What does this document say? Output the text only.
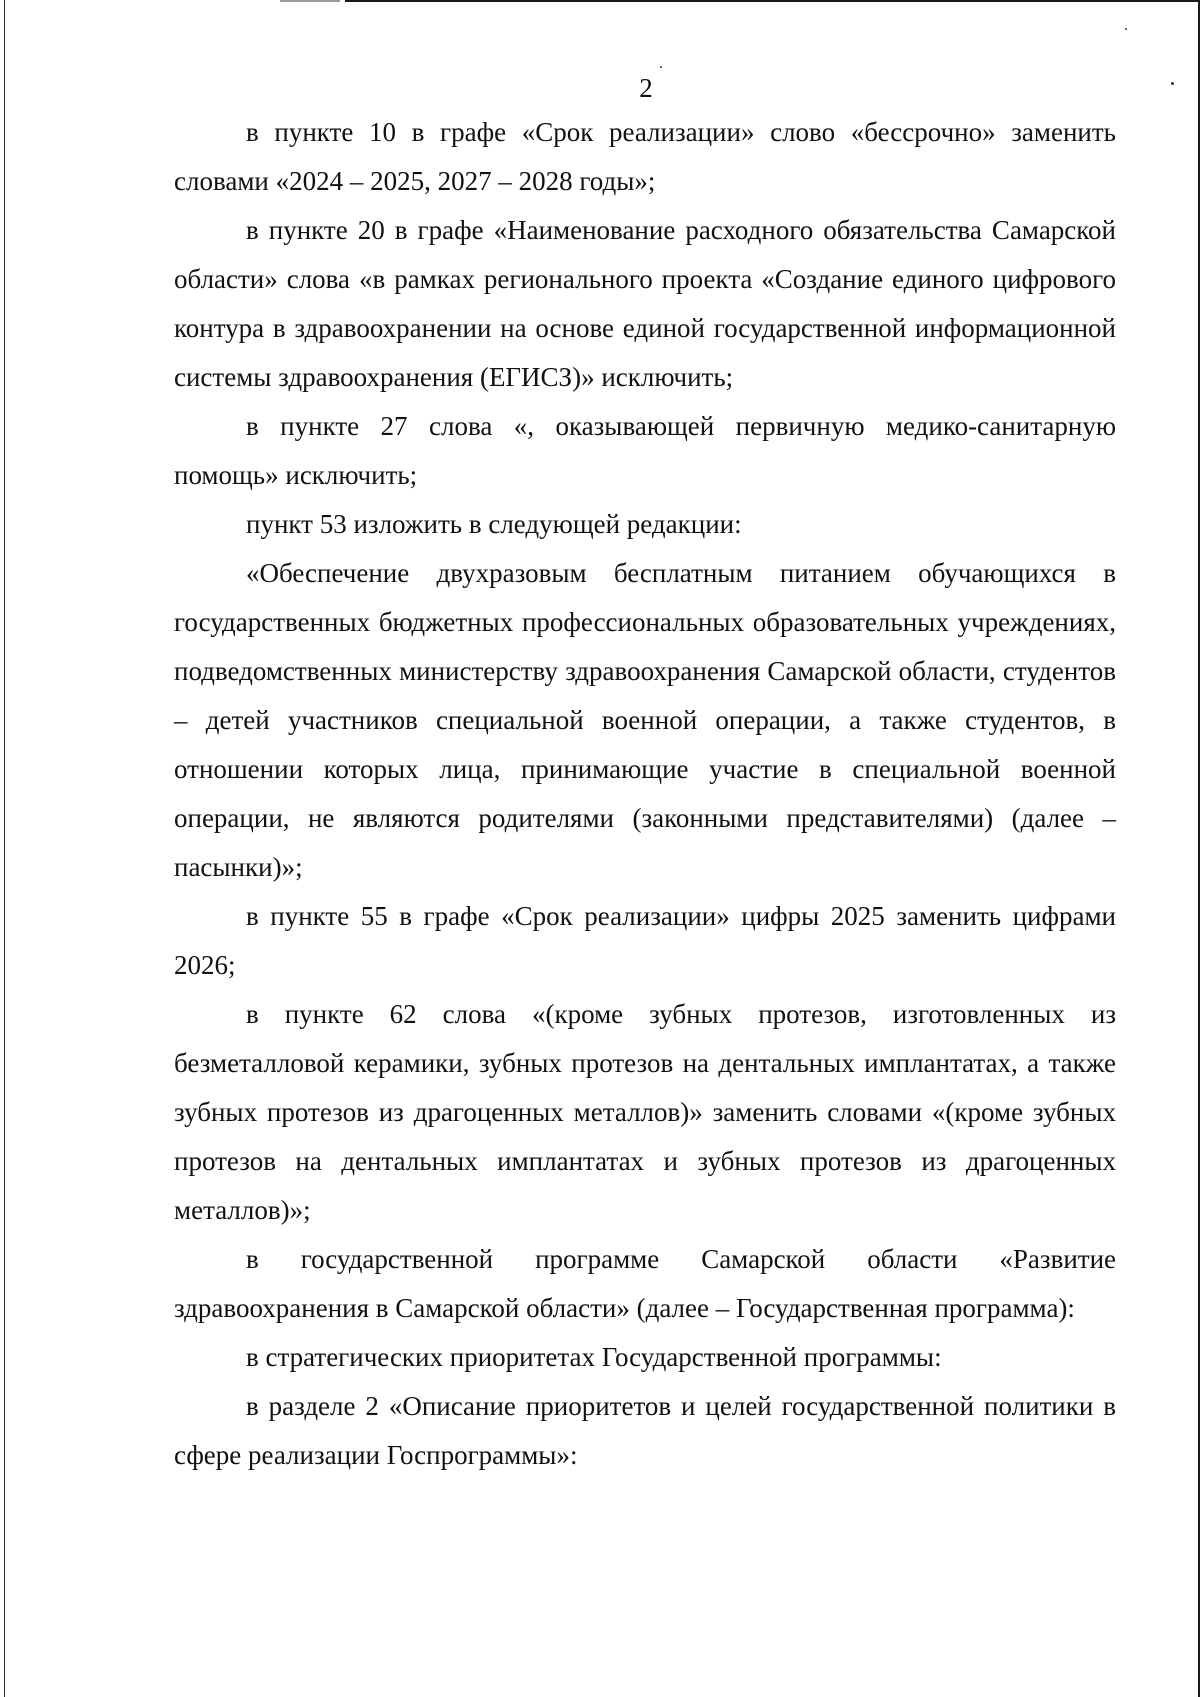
2

в пункте 10 в графе «Срок реализации» слово «бессрочно» заменить словами «2024 – 2025, 2027 – 2028 годы»;

в пункте 20 в графе «Наименование расходного обязательства Самарской области» слова «в рамках регионального проекта «Создание единого цифрового контура в здравоохранении на основе единой государственной информационной системы здравоохранения (ЕГИСЗ)» исключить;

в пункте 27 слова «, оказывающей первичную медико-санитарную помощь» исключить;

пункт 53 изложить в следующей редакции:

«Обеспечение двухразовым бесплатным питанием обучающихся в государственных бюджетных профессиональных образовательных учреждениях, подведомственных министерству здравоохранения Самарской области, студентов – детей участников специальной военной операции, а также студентов, в отношении которых лица, принимающие участие в специальной военной операции, не являются родителями (законными представителями) (далее – пасынки)»;

в пункте 55 в графе «Срок реализации» цифры 2025 заменить цифрами 2026;

в пункте 62 слова «(кроме зубных протезов, изготовленных из безметалловой керамики, зубных протезов на дентальных имплантатах, а также зубных протезов из драгоценных металлов)» заменить словами «(кроме зубных протезов на дентальных имплантатах и зубных протезов из драгоценных металлов)»;

в государственной программе Самарской области «Развитие здравоохранения в Самарской области» (далее – Государственная программа):

в стратегических приоритетах Государственной программы:

в разделе 2 «Описание приоритетов и целей государственной политики в сфере реализации Госпрограммы»:
